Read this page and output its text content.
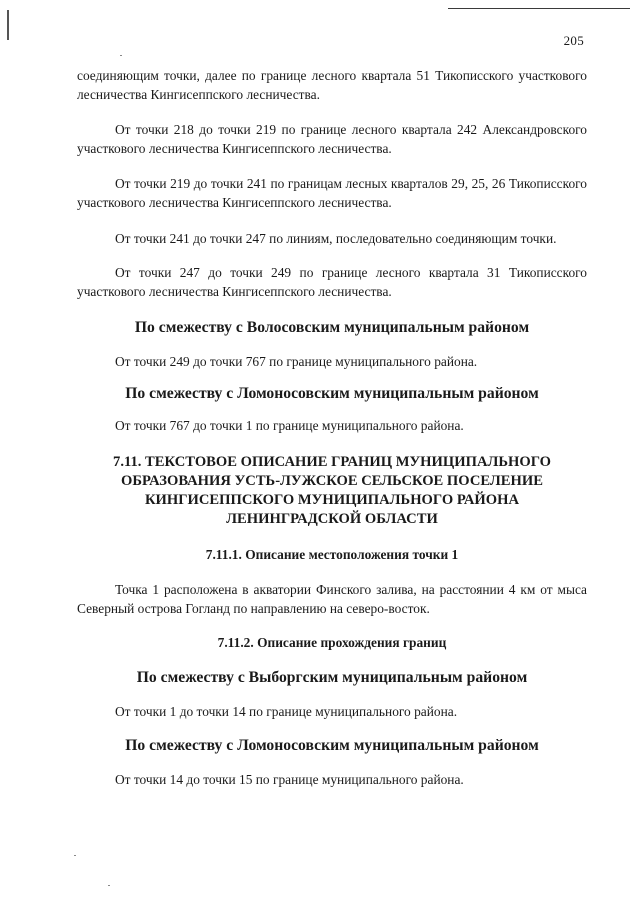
205

соединяющим точки, далее по границе лесного квартала 51 Тикописского участкового лесничества Кингисеппского лесничества.

От точки 218 до точки 219 по границе лесного квартала 242 Александровского участкового лесничества Кингисеппского лесничества.

От точки 219 до точки 241 по границам лесных кварталов 29, 25, 26 Тикописского участкового лесничества Кингисеппского лесничества.

От точки 241 до точки 247 по линиям, последовательно соединяющим точки.

От точки 247 до точки 249 по границе лесного квартала 31 Тикописского участкового лесничества Кингисеппского лесничества.

По смежеству с Волосовским муниципальным районом

От точки 249 до точки 767 по границе муниципального района.

По смежеству с Ломоносовским муниципальным районом

От точки 767 до точки 1 по границе муниципального района.

7.11. ТЕКСТОВОЕ ОПИСАНИЕ ГРАНИЦ МУНИЦИПАЛЬНОГО
ОБРАЗОВАНИЯ УСТЬ-ЛУЖСКОЕ СЕЛЬСКОЕ ПОСЕЛЕНИЕ
КИНГИСЕППСКОГО МУНИЦИПАЛЬНОГО РАЙОНА
ЛЕНИНГРАДСКОЙ ОБЛАСТИ
7.11.1. Описание местоположения точки 1

Точка 1 расположена в акватории Финского залива, на расстоянии 4 км от мыса Северный острова Гогланд по направлению на северо-восток.

7.11.2. Описание прохождения границ
По смежеству с Выборгским муниципальным районом

От точки 1 до точки 14 по границе муниципального района.

По смежеству с Ломоносовским муниципальным районом

От точки 14 до точки 15 по границе муниципального района.
